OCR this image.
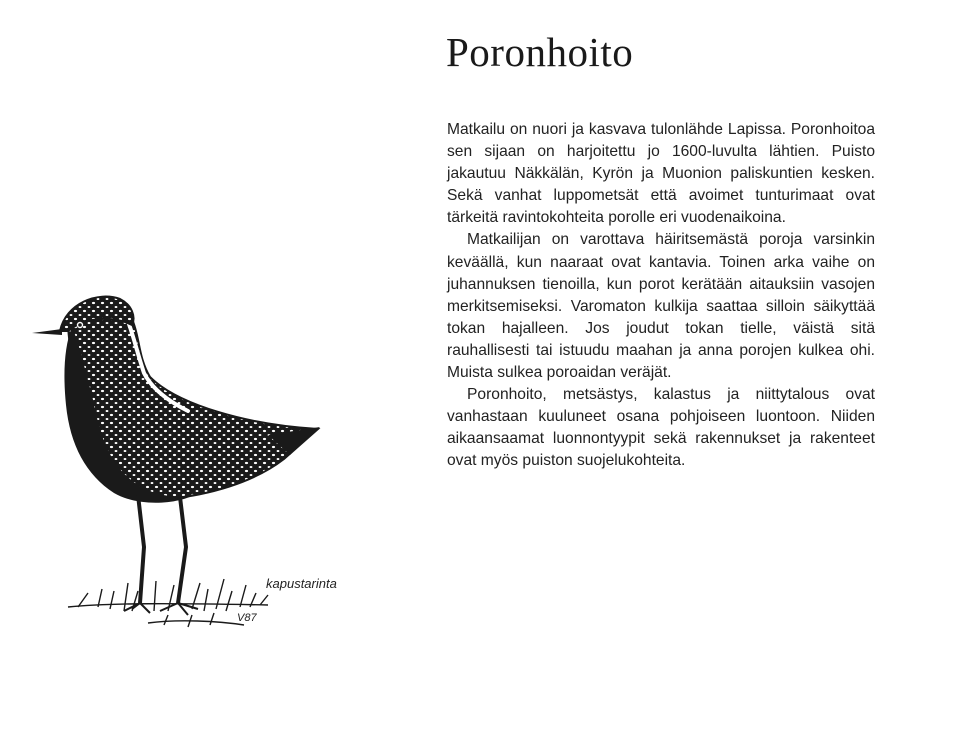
Poronhoito

Matkailu on nuori ja kasvava tulonlähde Lapissa. Poronhoitoa sen sijaan on harjoitettu jo 1600-luvulta lähtien. Puisto jakautuu Näkkälän, Kyrön ja Muonion paliskuntien kesken. Sekä vanhat luppometsät että avoimet tunturimaat ovat tärkeitä ravintokohteita porolle eri vuodenaikoina.

Matkailijan on varottava häiritsemästä poroja varsinkin keväällä, kun naaraat ovat kantavia. Toinen arka vaihe on juhannuksen tienoilla, kun porot kerätään aitauksiin vasojen merkitsemiseksi. Varomaton kulkija saattaa silloin säikyttää tokan hajalleen. Jos joudut tokan tielle, väistä sitä rauhallisesti tai istuudu maahan ja anna porojen kulkea ohi. Muista sulkea poroaidan veräjät.

Poronhoito, metsästys, kalastus ja niittytalous ovat vanhastaan kuuluneet osana pohjoiseen luontoon. Niiden aikaansaamat luonnontyypit sekä rakennukset ja rakenteet ovat myös puiston suojelukohteita.

kapustarinta
V87
